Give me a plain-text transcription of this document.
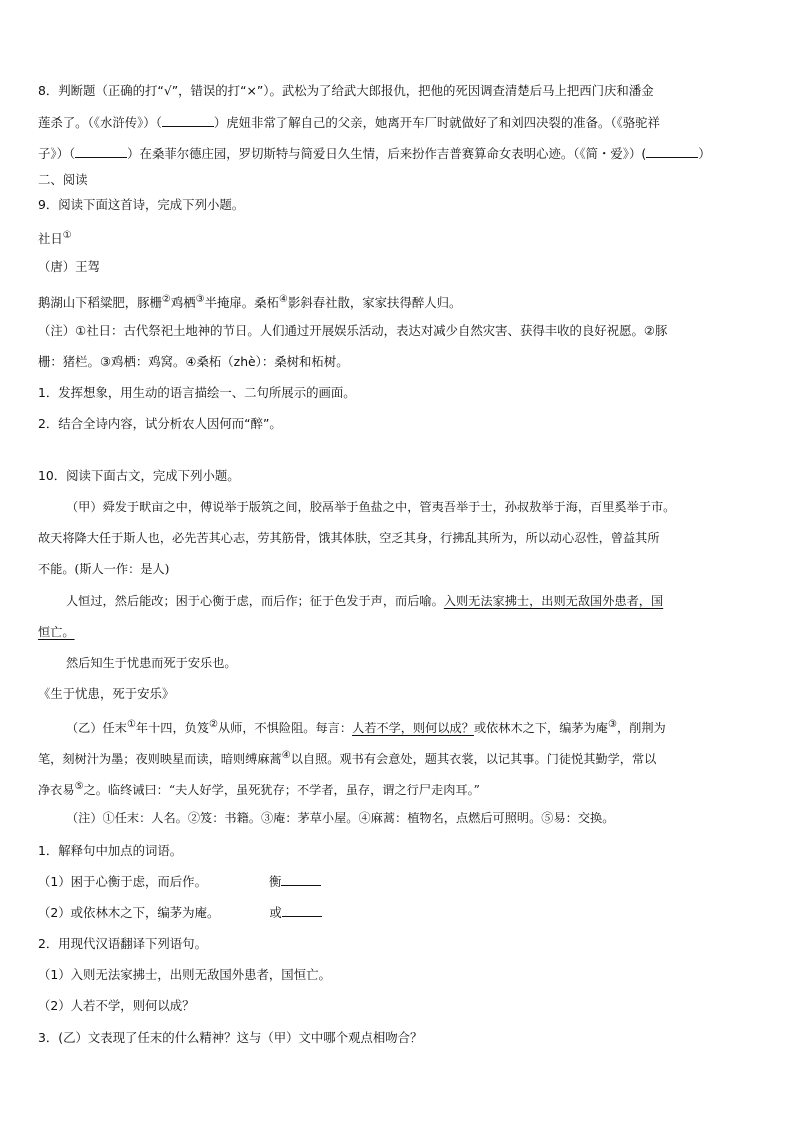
8．判断题（正确的打“√”，错误的打“×”）。武松为了给武大郎报仇，把他的死因调查清楚后马上把西门庆和潘金
莲杀了。（《水浒传》）（	）虎妞非常了解自己的父亲，她离开车厂时就做好了和刘四决裂的准备。（《骆驼祥
子》）（	）在桑菲尔德庄园，罗切斯特与简爱日久生情，后来扮作吉普赛算命女表明心迹。（《简・爱》）(	）
二、阅读
9．阅读下面这首诗，完成下列小题。
社日①
（唐）王驾
鹅湖山下稻粱肥，豚栅②鸡栖③半掩扉。桑柘④影斜春社散，家家扶得醉人归。
（注）①社日：古代祭祀土地神的节日。人们通过开展娱乐活动，表达对减少自然灾害、获得丰收的良好祝愿。②豚
栅：猪栏。③鸡栖：鸡窝。④桑柘（zhè）：桑树和柘树。
1．发挥想象，用生动的语言描绘一、二句所展示的画面。
2．结合全诗内容，试分析农人因何而“醉”。
10．阅读下面古文，完成下列小题。
（甲）舜发于畎亩之中，傅说举于版筑之间，胶鬲举于鱼盐之中，管夷吾举于士，孙叔敖举于海，百里奚举于市。
故天将降大任于斯人也，必先苦其心志，劳其筋骨，饿其体肤，空乏其身，行拂乱其所为，所以动心忍性，曾益其所
不能。(斯人一作：是人)
人恒过，然后能改；困于心衡于虑，而后作；征于色发于声，而后喻。入则无法家拂士，出则无敌国外患者，国
恒亡。
然后知生于忧患而死于安乐也。
《生于忧患，死于安乐》
（乙）任末①年十四，负笈②从师，不惧险阻。每言：人若不学，则何以成？或依林木之下，编茅为庵③，削荆为
笔，刻树汁为墨；夜则映星而读，暗则缚麻蒿④以自照。观书有会意处，题其衣裳，以记其事。门徒悦其勤学，常以
净衣易⑤之。临终诫曰：“夫人好学，虽死犹存；不学者，虽存，谓之行尸走肉耳。”
（注）①任末：人名。②笈：书籍。③庵：茅草小屋。④麻蒿：植物名，点燃后可照明。⑤易：交换。
1．解释句中加点的词语。
（1）困于心衡于虑，而后作。	衡
（2）或依林木之下，编茅为庵。	或
2．用现代汉语翻译下列语句。
（1）入则无法家拂士，出则无敌国外患者，国恒亡。
（2）人若不学，则何以成？
3．(乙）文表现了任末的什么精神？这与（甲）文中哪个观点相吻合？
